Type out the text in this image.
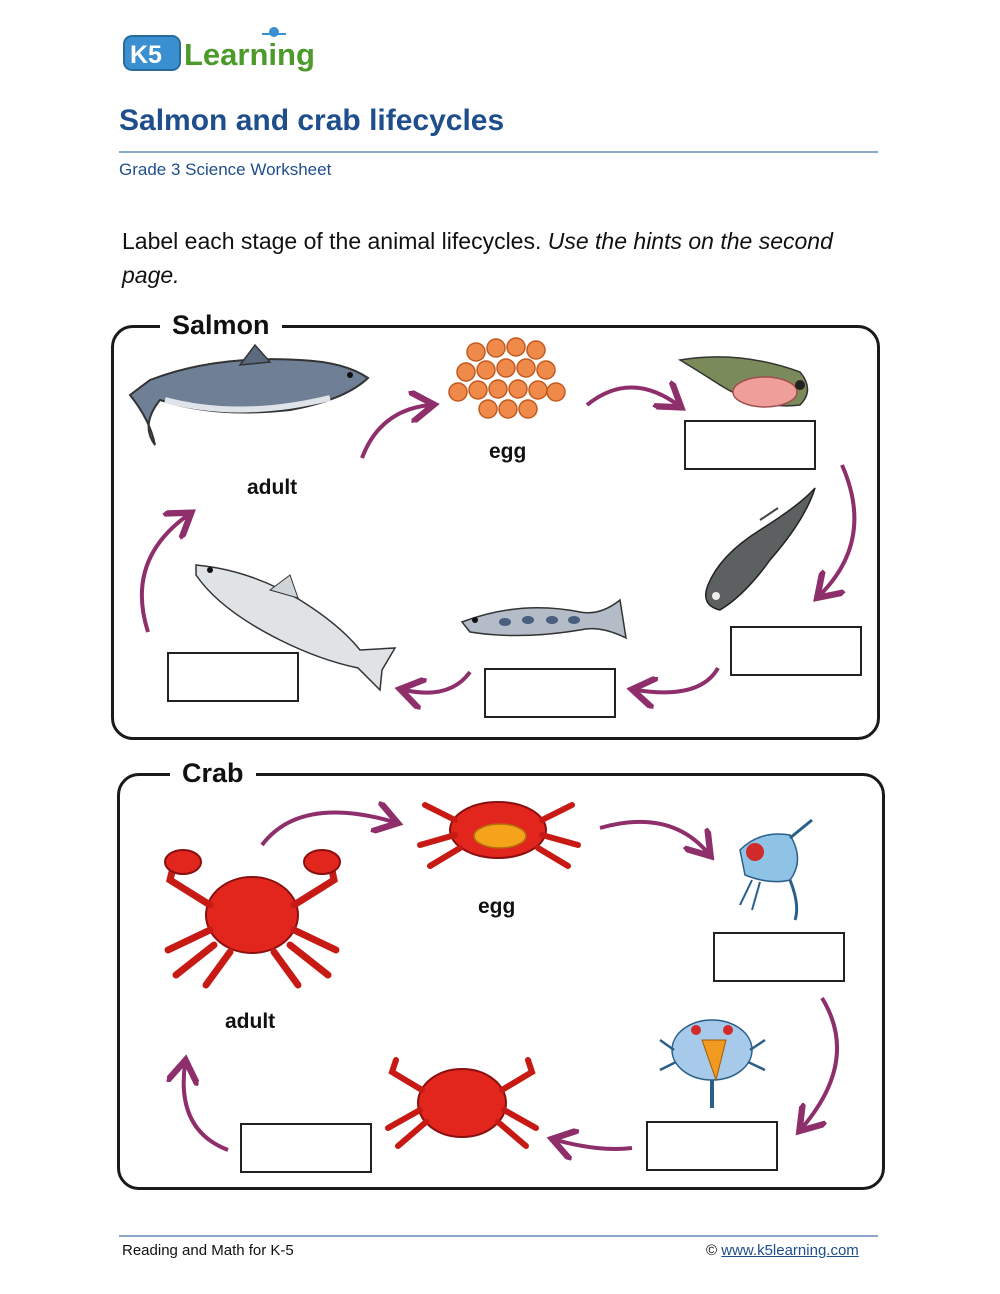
K5 Learning
Salmon and crab lifecycles
Grade 3 Science Worksheet
Label each stage of the animal lifecycles. Use the hints on the second page.
Salmon
Crab
adult
egg
adult
egg
Reading and Math for K-5	© www.k5learning.com
